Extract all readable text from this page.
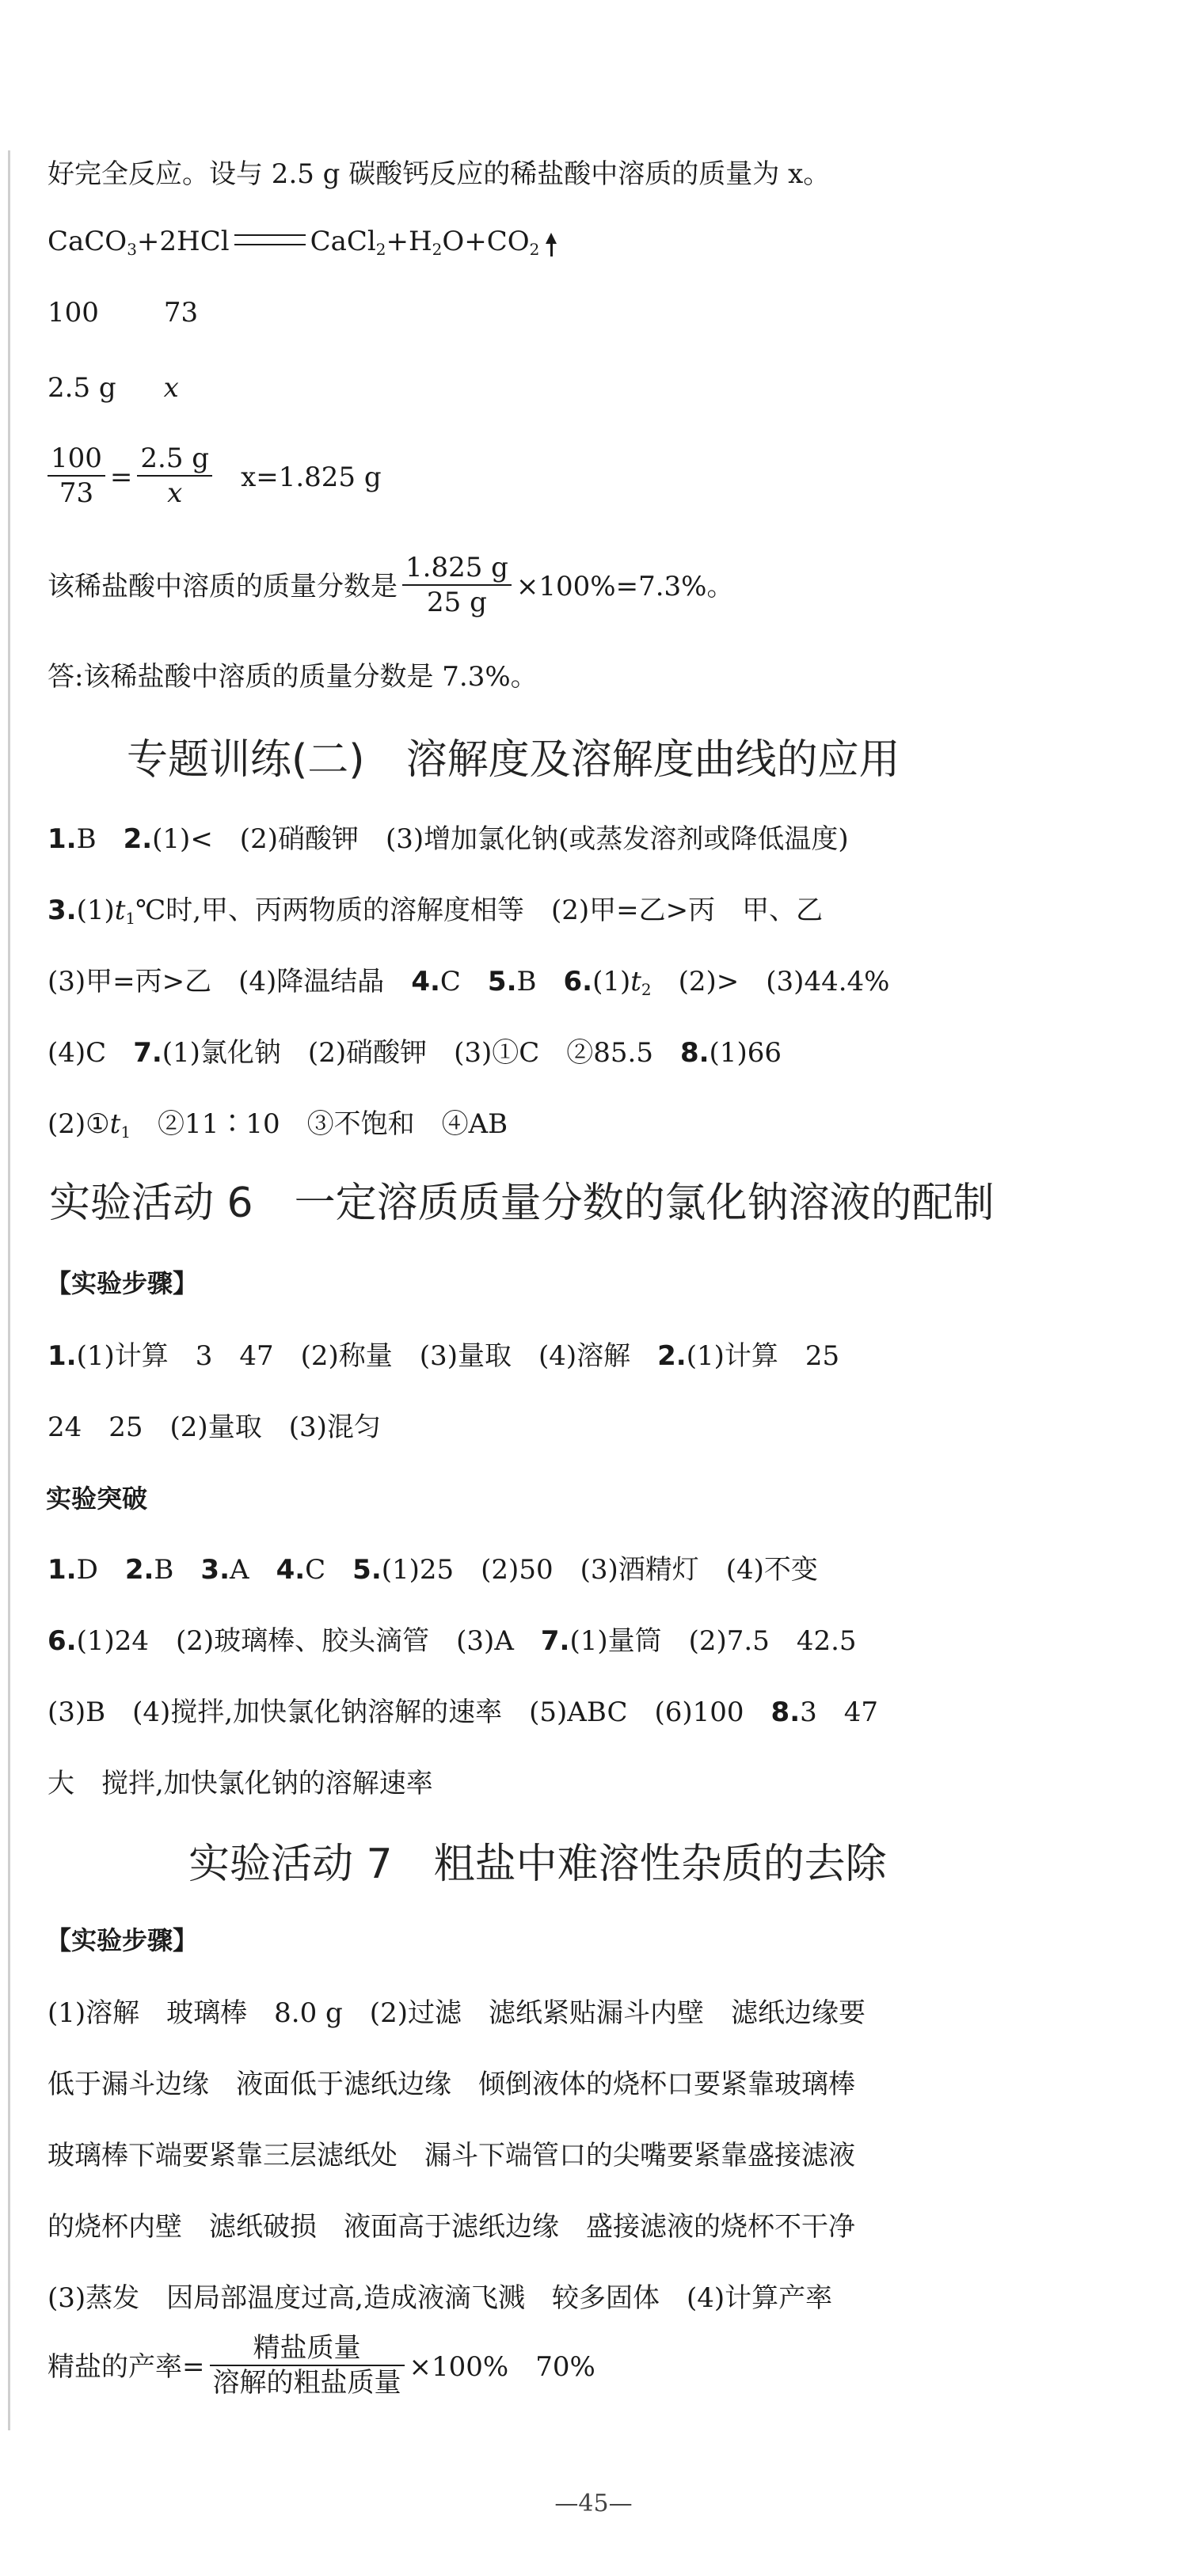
好完全反应。设与 2.5 g 碳酸钙反应的稀盐酸中溶质的质量为 x。
CaCO$_3$+2HCl	$CaCl_2+H_2O+CO_2$
100 73
2.5 g x
$\frac{100}{73} = \frac{2.5 g}{x} x=1.825$ g
该稀盐酸中溶质的质量分数是 $\frac{1.825 g}{25 g} \times 100\%=7.3\%$。
答:该稀盐酸中溶质的质量分数是 7.3%。
专题训练(二)　溶解度及溶解度曲线的应用
1.B　2.(1)<　(2)硝酸钾　(3)增加氯化钠(或蒸发溶剂或降低温度)
$3.(1)t_1℃$时,甲、丙两物质的溶解度相等　(2)甲=乙>丙　甲、乙
(3)甲=丙>乙　(4)降温结晶　4.C　5.B　$6.(1)t_2$　(2)>　(3)44.4%
(4)C　7.(1)氯化钠　(2)硝酸钾　(3)①C　②85.5　8.(1)66
$(2)①t_1$　②11∶10　③不饱和　④AB
实验活动 6　一定溶质质量分数的氯化钠溶液的配制
【实验步骤】
1.(1)计算　3　47　(2)称量　(3)量取　(4)溶解　2.(1)计算　25
24　25　(2)量取　(3)混匀
实验突破
1.D　2.B　3.A　4.C　5.(1)25　(2)50　(3)酒精灯　(4)不变
6.(1)24　(2)玻璃棒、胶头滴管　(3)A　7.(1)量筒　(2)7.5　42.5
(3)B　(4)搅拌,加快氯化钠溶解的速率　(5)ABC　(6)100　8.3　47
大　搅拌,加快氯化钠的溶解速率
实验活动 7　粗盐中难溶性杂质的去除
【实验步骤】
(1)溶解　玻璃棒　8.0 g　(2)过滤　滤纸紧贴漏斗内壁　滤纸边缘要
低于漏斗边缘　液面低于滤纸边缘　倾倒液体的烧杯口要紧靠玻璃棒
玻璃棒下端要紧靠三层滤纸处　漏斗下端管口的尖嘴要紧靠盛接滤液
的烧杯内壁　滤纸破损　液面高于滤纸边缘　盛接滤液的烧杯不干净
(3)蒸发　因局部温度过高,造成液滴飞溅　较多固体　(4)计算产率
精盐的产率= $\frac{\text{精盐质量}}{\text{溶解的粗盐质量}} \times 100\%$　70%
—45—
